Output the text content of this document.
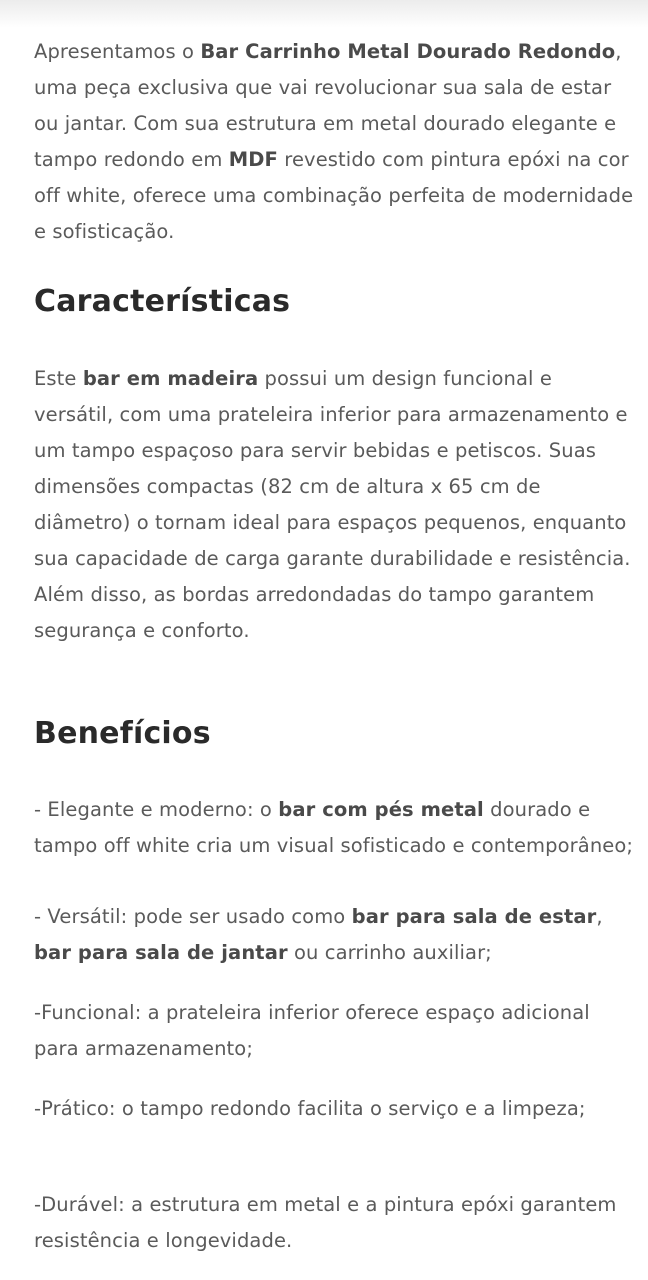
Apresentamos o Bar Carrinho Metal Dourado Redondo, uma peça exclusiva que vai revolucionar sua sala de estar ou jantar. Com sua estrutura em metal dourado elegante e tampo redondo em MDF revestido com pintura epóxi na cor off white, oferece uma combinação perfeita de modernidade e sofisticação.

Características

Este bar em madeira possui um design funcional e versátil, com uma prateleira inferior para armazenamento e um tampo espaçoso para servir bebidas e petiscos. Suas dimensões compactas (82 cm de altura x 65 cm de diâmetro) o tornam ideal para espaços pequenos, enquanto sua capacidade de carga garante durabilidade e resistência. Além disso, as bordas arredondadas do tampo garantem segurança e conforto.

Benefícios

- Elegante e moderno: o bar com pés metal dourado e tampo off white cria um visual sofisticado e contemporâneo;

- Versátil: pode ser usado como bar para sala de estar, bar para sala de jantar ou carrinho auxiliar;

-Funcional: a prateleira inferior oferece espaço adicional para armazenamento;

-Prático: o tampo redondo facilita o serviço e a limpeza;

-Durável: a estrutura em metal e a pintura epóxi garantem resistência e longevidade.
